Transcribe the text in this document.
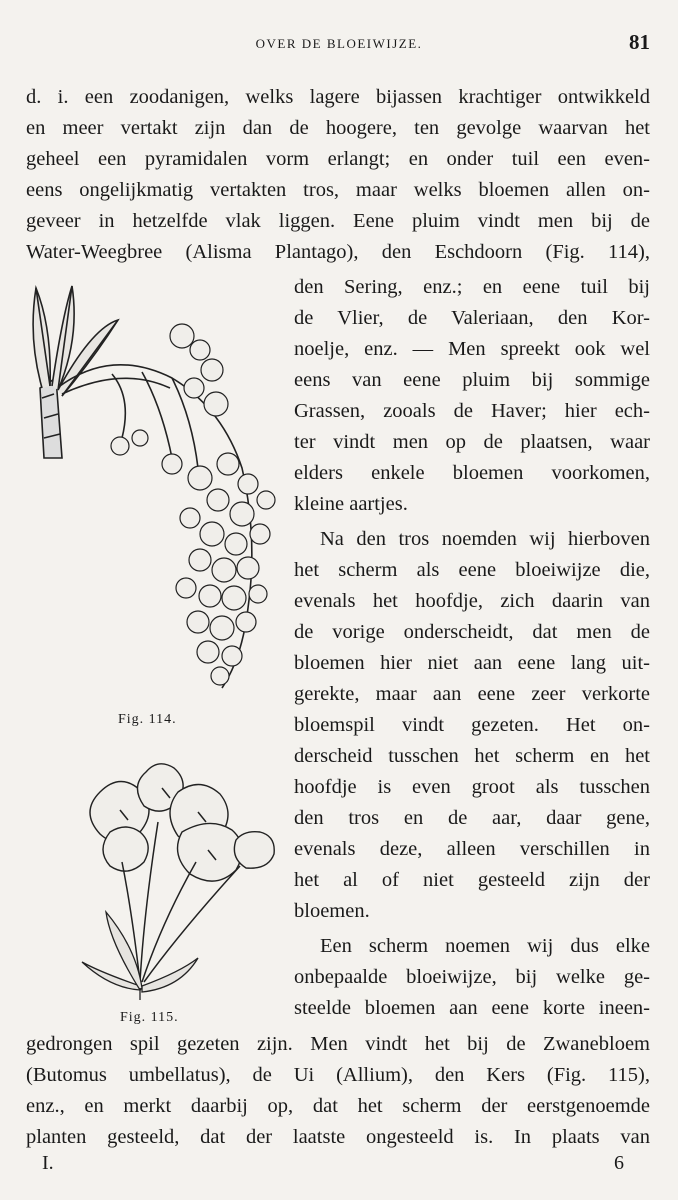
OVER DE BLOEIWIJZE.	81
d. i. een zoodanigen, welks lagere bijassen krachtiger ontwikkeld
en meer vertakt zijn dan de hoogere, ten gevolge waarvan het
geheel een pyramidalen vorm erlangt; en onder tuil een even-
eens ongelijkmatig vertakten tros, maar welks bloemen allen on-
geveer in hetzelfde vlak liggen. Eene pluim vindt men bij de
Water-Weegbree (Alisma Plantago), den Eschdoorn (Fig. 114),
den Sering, enz.; en eene tuil bij
de Vlier, de Valeriaan, den Kor-
noelje, enz. — Men spreekt ook wel
eens van eene pluim bij sommige
Grassen, zooals de Haver; hier ech-
ter vindt men op de plaatsen, waar
elders enkele bloemen voorkomen,
kleine aartjes.
Na den tros noemden wij hierboven
het scherm als eene bloeiwijze die,
evenals het hoofdje, zich daarin van
de vorige onderscheidt, dat men de
bloemen hier niet aan eene lang uit-
gerekte, maar aan eene zeer verkorte
bloemspil vindt gezeten. Het on-
derscheid tusschen het scherm en het
hoofdje is even groot als tusschen
den tros en de aar, daar gene,
evenals deze, alleen verschillen in
het al of niet gesteeld zijn der
bloemen.
Een scherm noemen wij dus elke
onbepaalde bloeiwijze, bij welke ge-
steelde bloemen aan eene korte ineen-
gedrongen spil gezeten zijn. Men vindt het bij de Zwanebloem
(Butomus umbellatus), de Ui (Allium), den Kers (Fig. 115),
enz., en merkt daarbij op, dat het scherm der eerstgenoemde
planten gesteeld, dat der laatste ongesteeld is. In plaats van
Fig. 114.
Fig. 115.
I.	6
